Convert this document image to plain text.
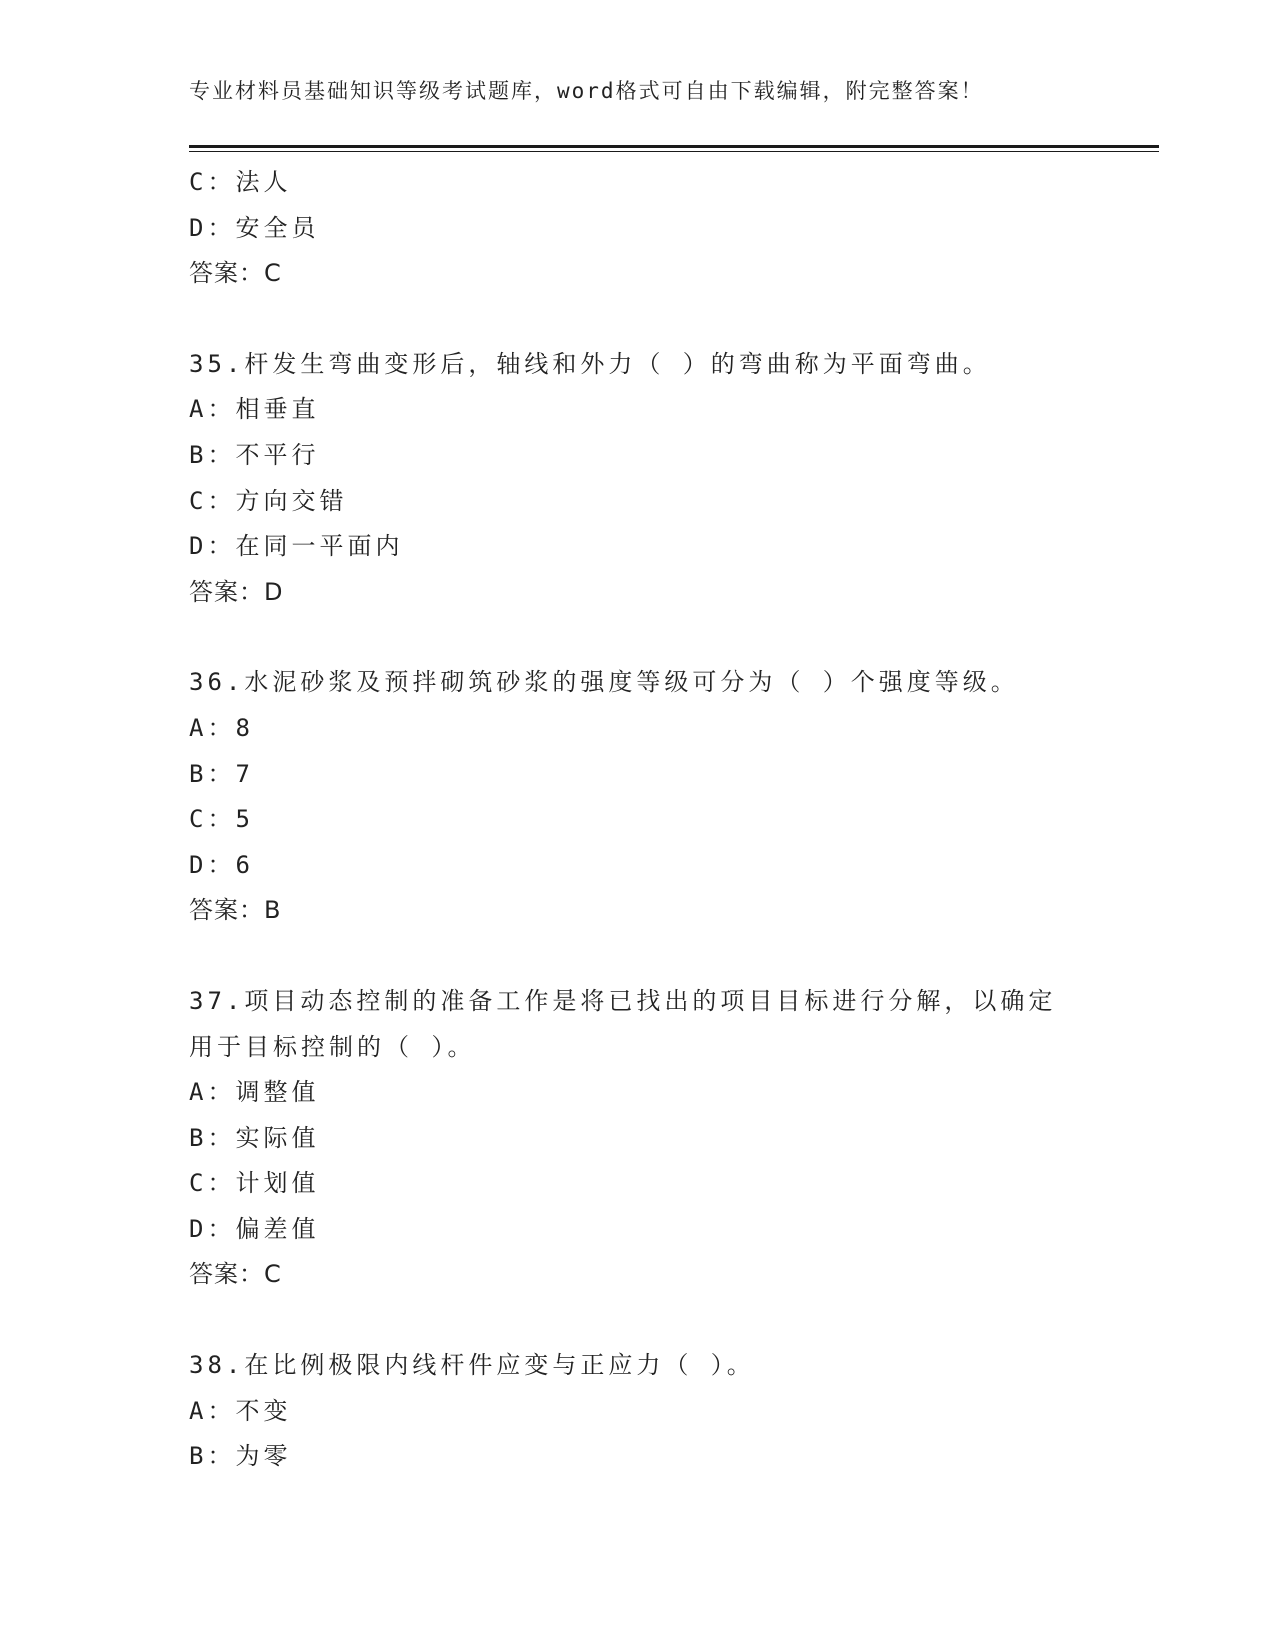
专业材料员基础知识等级考试题库，word格式可自由下载编辑，附完整答案！
C：法人
D：安全员
答案：C
35.杆发生弯曲变形后，轴线和外力（ ）的弯曲称为平面弯曲。
A：相垂直
B：不平行
C：方向交错
D：在同一平面内
答案：D
36.水泥砂浆及预拌砌筑砂浆的强度等级可分为（ ）个强度等级。
A：8
B：7
C：5
D：6
答案：B
37.项目动态控制的准备工作是将已找出的项目目标进行分解，以确定
用于目标控制的（ ）。
A：调整值
B：实际值
C：计划值
D：偏差值
答案：C
38.在比例极限内线杆件应变与正应力（ ）。
A：不变
B：为零
